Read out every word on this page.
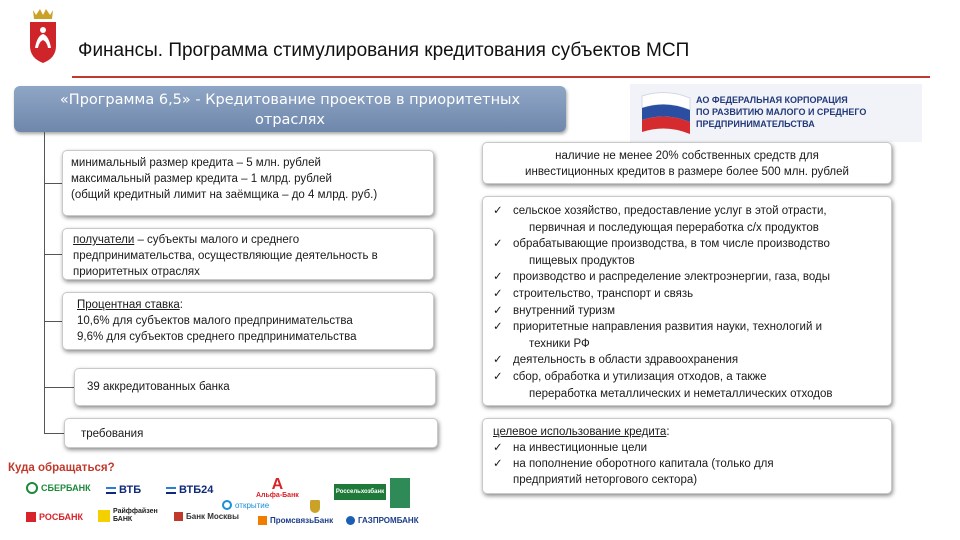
Финансы. Программа стимулирования кредитования субъектов МСП
«Программа 6,5» - Кредитование проектов в приоритетных
отраслях
АО ФЕДЕРАЛЬНАЯ КОРПОРАЦИЯ
ПО РАЗВИТИЮ МАЛОГО И СРЕДНЕГО
ПРЕДПРИНИМАТЕЛЬСТВА
минимальный размер кредита – 5 млн. рублей
максимальный размер кредита – 1 млрд. рублей
(общий кредитный лимит на заёмщика – до 4 млрд. руб.)
получатели – субъекты малого и среднего
предпринимательства, осуществляющие деятельность в
приоритетных отраслях
Процентная ставка:
10,6% для субъектов малого предпринимательства
9,6% для субъектов среднего предпринимательства
39 аккредитованных банка
требования
наличие не менее 20% собственных средств для
инвестиционных кредитов в размере более 500 млн. рублей
✓ сельское хозяйство, предоставление услуг в этой отрасти,
первичная и последующая переработка с/х продуктов
✓ обрабатывающие производства, в том числе производство
пищевых продуктов
✓ производство и распределение электроэнергии, газа, воды
✓ строительство, транспорт и связь
✓ внутренний туризм
✓ приоритетные направления развития науки, технологий и
техники РФ
✓ деятельность в области здравоохранения
✓ сбор, обработка и утилизация отходов, а также
переработка металлических и неметаллических отходов
целевое использование кредита:
✓ на инвестиционные цели
✓ на пополнение оборотного капитала (только для
предприятий неторгового сектора)
Куда обращаться?
СБЕРБАНК	ВТБ	ВТБ24	А
Альфа-Банк	Россельхозбанк
РОСБАНК
Райффайзен
БАНК	Банк Москвы
открытие
ПромсвязьБанк	ГАЗПРОМБАНК
